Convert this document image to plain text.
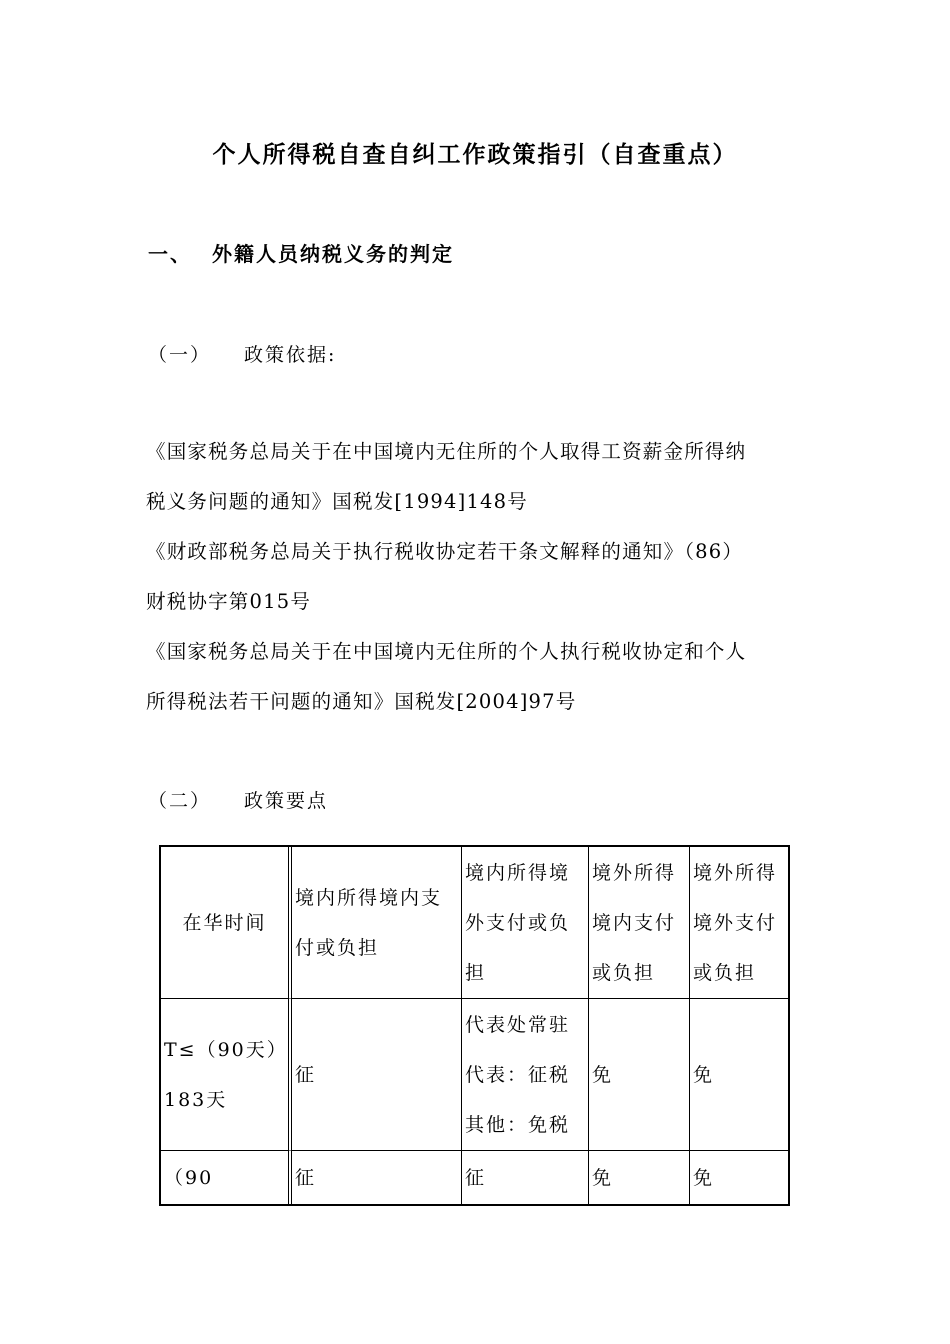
个人所得税自查自纠工作政策指引（自查重点）
一、 外籍人员纳税义务的判定
（一） 政策依据:
《国家税务总局关于在中国境内无住所的个人取得工资薪金所得纳
税义务问题的通知》国税发[1994]148号
《财政部税务总局关于执行税收协定若干条文解释的通知》（86）
财税协字第015号
《国家税务总局关于在中国境内无住所的个人执行税收协定和个人
所得税法若干问题的通知》国税发[2004]97号
（二） 政策要点
在华时间	境内所得境内支付或负担	境内所得境外支付或负担	境外所得境内支付或负担	境外所得境外支付或负担
T≤（90天）183天	征	代表处常驻代表：征税其他：免税	免	免
（90	征	征	免	免
